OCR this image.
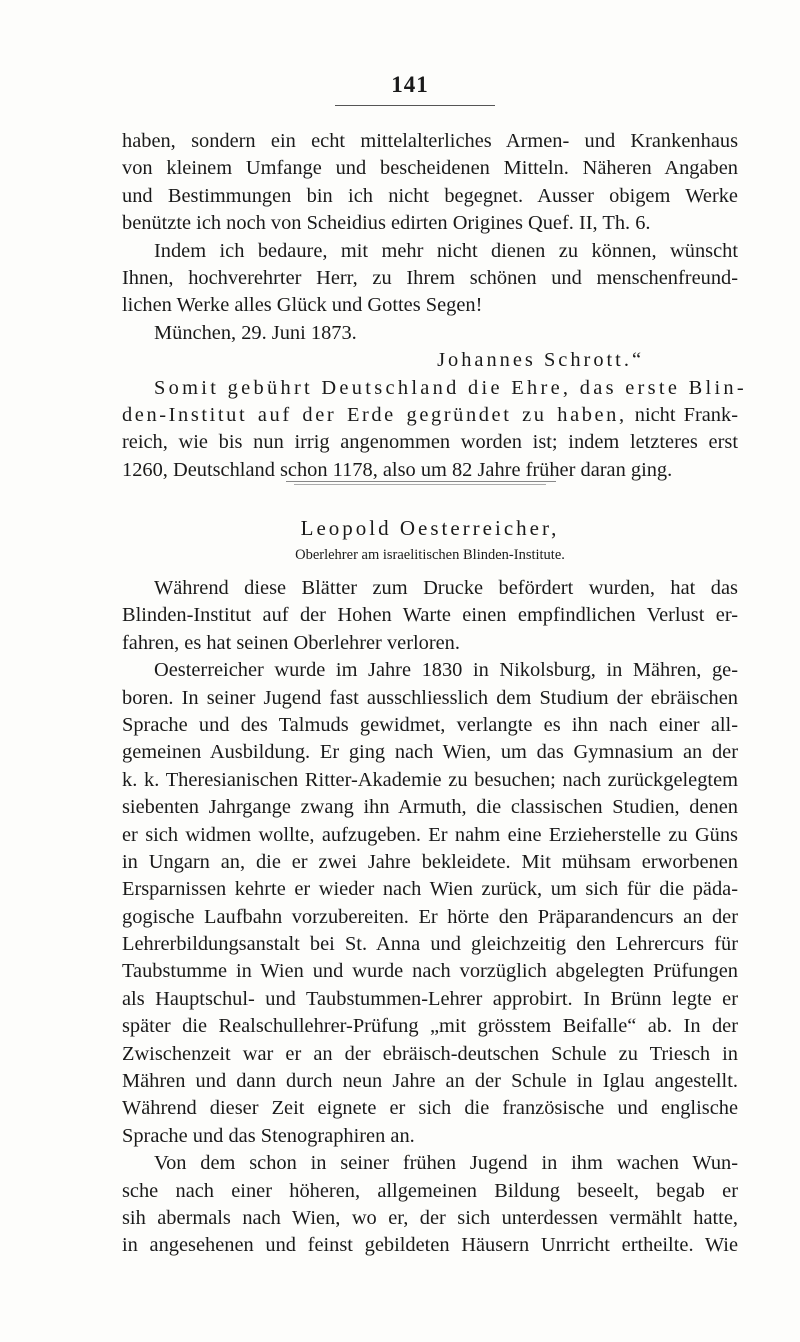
141
haben, sondern ein echt mittelalterliches Armen- und Krankenhaus
von kleinem Umfange und bescheidenen Mitteln. Näheren Angaben
und Bestimmungen bin ich nicht begegnet. Ausser obigem Werke
benützte ich noch von Scheidius edirten Origines Quef. II, Th. 6.
Indem ich bedaure, mit mehr nicht dienen zu können, wünscht
Ihnen, hochverehrter Herr, zu Ihrem schönen und menschenfreund-
lichen Werke alles Glück und Gottes Segen!
München, 29. Juni 1873.
Johannes Schrott.“
Somit gebührt Deutschland die Ehre, das erste Blin-
den-Institut auf der Erde gegründet zu haben, nicht Frank-
reich, wie bis nun irrig angenommen worden ist; indem letzteres erst
1260, Deutschland schon 1178, also um 82 Jahre früher daran ging.
Leopold Oesterreicher,
Oberlehrer am israelitischen Blinden-Institute.
Während diese Blätter zum Drucke befördert wurden, hat das
Blinden-Institut auf der Hohen Warte einen empfindlichen Verlust er-
fahren, es hat seinen Oberlehrer verloren.
Oesterreicher wurde im Jahre 1830 in Nikolsburg, in Mähren, ge-
boren. In seiner Jugend fast ausschliesslich dem Studium der ebräischen
Sprache und des Talmuds gewidmet, verlangte es ihn nach einer all-
gemeinen Ausbildung. Er ging nach Wien, um das Gymnasium an der
k. k. Theresianischen Ritter-Akademie zu besuchen; nach zurückgelegtem
siebenten Jahrgange zwang ihn Armuth, die classischen Studien, denen
er sich widmen wollte, aufzugeben. Er nahm eine Erzieherstelle zu Güns
in Ungarn an, die er zwei Jahre bekleidete. Mit mühsam erworbenen
Ersparnissen kehrte er wieder nach Wien zurück, um sich für die päda-
gogische Laufbahn vorzubereiten. Er hörte den Präparandencurs an der
Lehrerbildungsanstalt bei St. Anna und gleichzeitig den Lehrercurs für
Taubstumme in Wien und wurde nach vorzüglich abgelegten Prüfungen
als Hauptschul- und Taubstummen-Lehrer approbirt. In Brünn legte er
später die Realschullehrer-Prüfung „mit grösstem Beifalle“ ab. In der
Zwischenzeit war er an der ebräisch-deutschen Schule zu Triesch in
Mähren und dann durch neun Jahre an der Schule in Iglau angestellt.
Während dieser Zeit eignete er sich die französische und englische
Sprache und das Stenographiren an.
Von dem schon in seiner frühen Jugend in ihm wachen Wun-
sche nach einer höheren, allgemeinen Bildung beseelt, begab er
sih abermals nach Wien, wo er, der sich unterdessen vermählt hatte,
in angesehenen und feinst gebildeten Häusern Unrricht ertheilte. Wie
